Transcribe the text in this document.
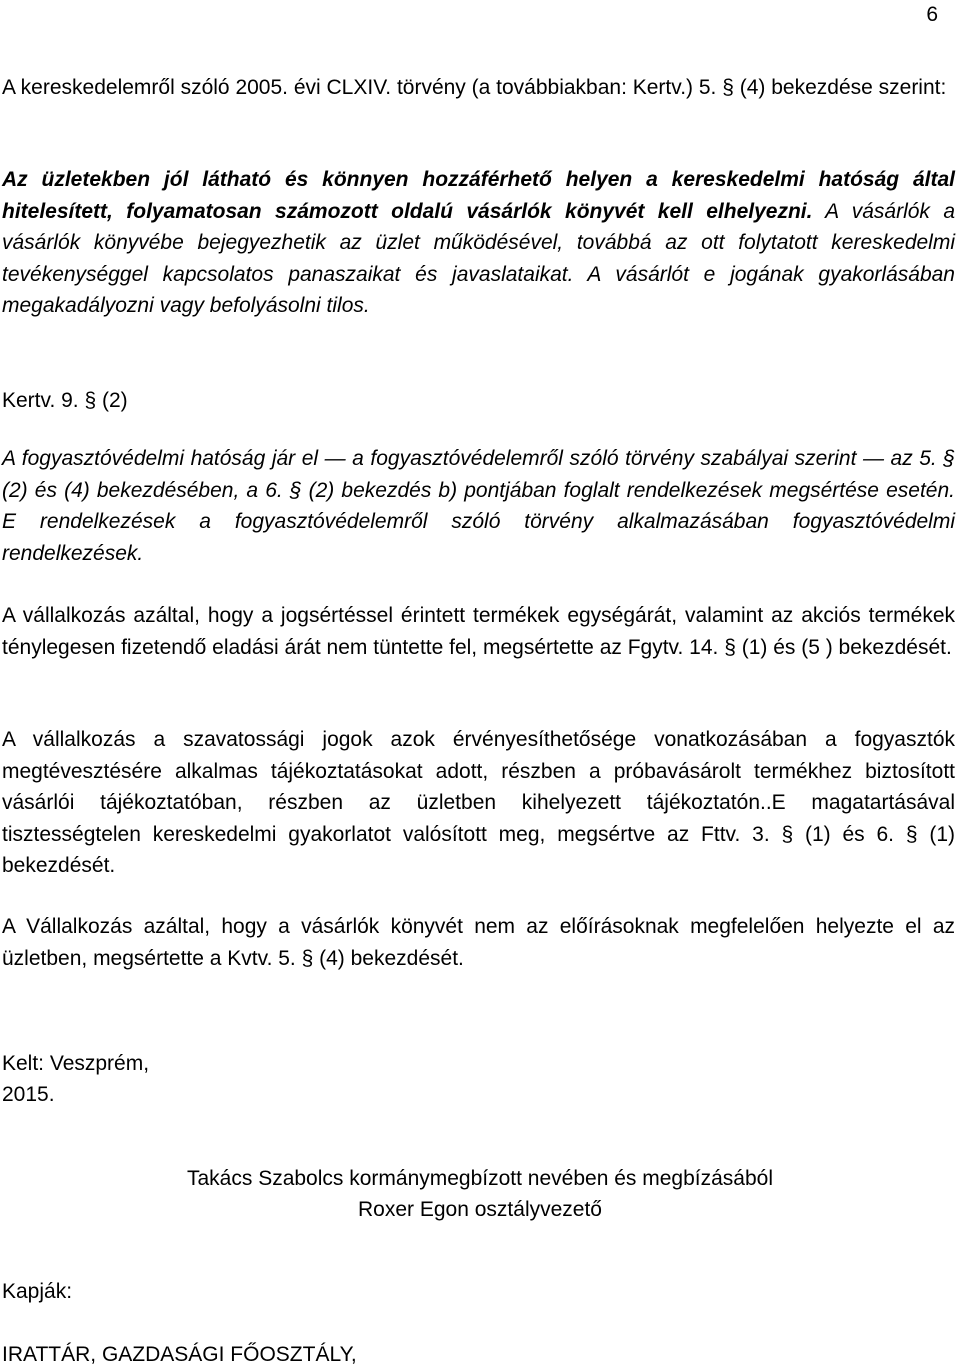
6

A kereskedelemről szóló 2005. évi CLXIV. törvény (a továbbiakban: Kertv.) 5. § (4) bekezdése szerint:

Az üzletekben jól látható és könnyen hozzáférhető helyen a kereskedelmi hatóság által hitelesített, folyamatosan számozott oldalú vásárlók könyvét kell elhelyezni. A vásárlók a vásárlók könyvébe bejegyezhetik az üzlet működésével, továbbá az ott folytatott kereskedelmi tevékenységgel kapcsolatos panaszaikat és javaslataikat. A vásárlót e jogának gyakorlásában megakadályozni vagy befolyásolni tilos.

Kertv. 9. § (2)

A fogyasztóvédelmi hatóság jár el — a fogyasztóvédelemről szóló törvény szabályai szerint — az 5. § (2) és (4) bekezdésében, a 6. § (2) bekezdés b) pontjában foglalt rendelkezések megsértése esetén. E rendelkezések a fogyasztóvédelemről szóló törvény alkalmazásában fogyasztóvédelmi rendelkezések.

A vállalkozás azáltal, hogy a jogsértéssel érintett termékek egységárát, valamint az akciós termékek ténylegesen fizetendő eladási árát nem tüntette fel, megsértette az Fgytv. 14. § (1) és (5 ) bekezdését.

A vállalkozás a szavatossági jogok azok érvényesíthetősége vonatkozásában a fogyasztók megtévesztésére alkalmas tájékoztatásokat adott, részben a próbavásárolt termékhez biztosított vásárlói tájékoztatóban, részben az üzletben kihelyezett tájékoztatón..E magatartásával tisztességtelen kereskedelmi gyakorlatot valósított meg, megsértve az Fttv. 3. § (1) és 6. § (1) bekezdését.

A Vállalkozás azáltal, hogy a vásárlók könyvét nem az előírásoknak megfelelően helyezte el az üzletben, megsértette a Kvtv. 5. § (4) bekezdését.

Kelt: Veszprém,

2015.

Takács Szabolcs kormánymegbízott nevében és megbízásából
Roxer Egon osztályvezető

Kapják:

IRATTÁR, GAZDASÁGI FŐOSZTÁLY,
